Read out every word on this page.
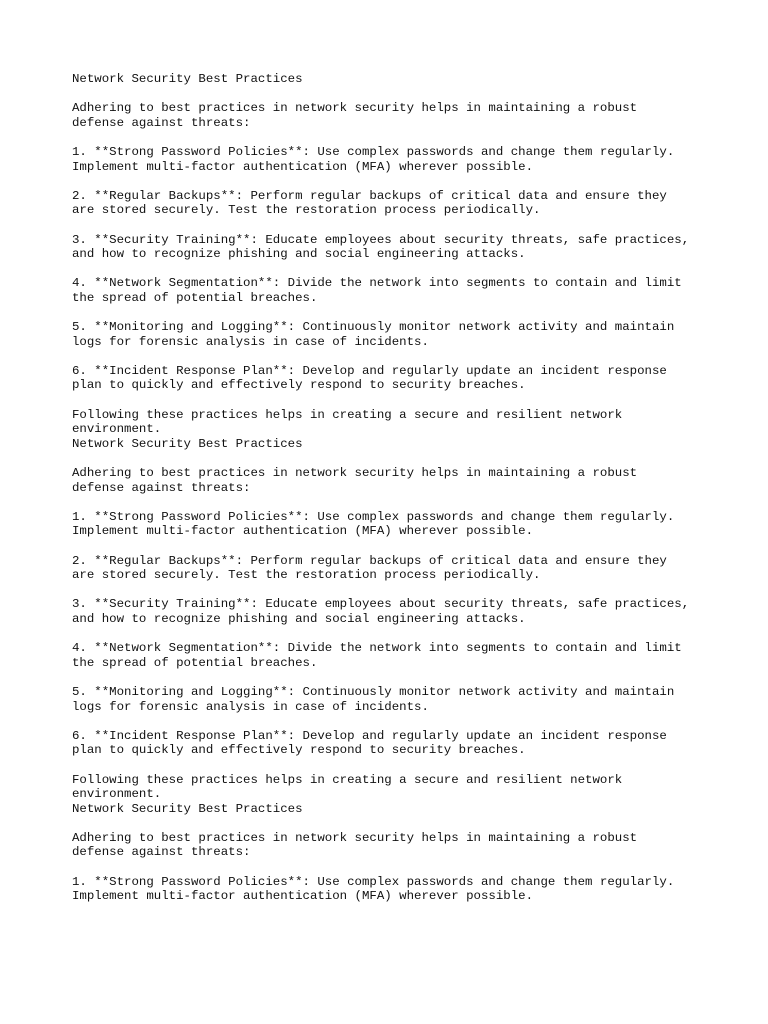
Network Security Best Practices
Adhering to best practices in network security helps in maintaining a robust
defense against threats:
1. **Strong Password Policies**: Use complex passwords and change them regularly.
Implement multi-factor authentication (MFA) wherever possible.
2. **Regular Backups**: Perform regular backups of critical data and ensure they
are stored securely. Test the restoration process periodically.
3. **Security Training**: Educate employees about security threats, safe practices,
and how to recognize phishing and social engineering attacks.
4. **Network Segmentation**: Divide the network into segments to contain and limit
the spread of potential breaches.
5. **Monitoring and Logging**: Continuously monitor network activity and maintain
logs for forensic analysis in case of incidents.
6. **Incident Response Plan**: Develop and regularly update an incident response
plan to quickly and effectively respond to security breaches.
Following these practices helps in creating a secure and resilient network
environment.
Network Security Best Practices
Adhering to best practices in network security helps in maintaining a robust
defense against threats:
1. **Strong Password Policies**: Use complex passwords and change them regularly.
Implement multi-factor authentication (MFA) wherever possible.
2. **Regular Backups**: Perform regular backups of critical data and ensure they
are stored securely. Test the restoration process periodically.
3. **Security Training**: Educate employees about security threats, safe practices,
and how to recognize phishing and social engineering attacks.
4. **Network Segmentation**: Divide the network into segments to contain and limit
the spread of potential breaches.
5. **Monitoring and Logging**: Continuously monitor network activity and maintain
logs for forensic analysis in case of incidents.
6. **Incident Response Plan**: Develop and regularly update an incident response
plan to quickly and effectively respond to security breaches.
Following these practices helps in creating a secure and resilient network
environment.
Network Security Best Practices
Adhering to best practices in network security helps in maintaining a robust
defense against threats:
1. **Strong Password Policies**: Use complex passwords and change them regularly.
Implement multi-factor authentication (MFA) wherever possible.
